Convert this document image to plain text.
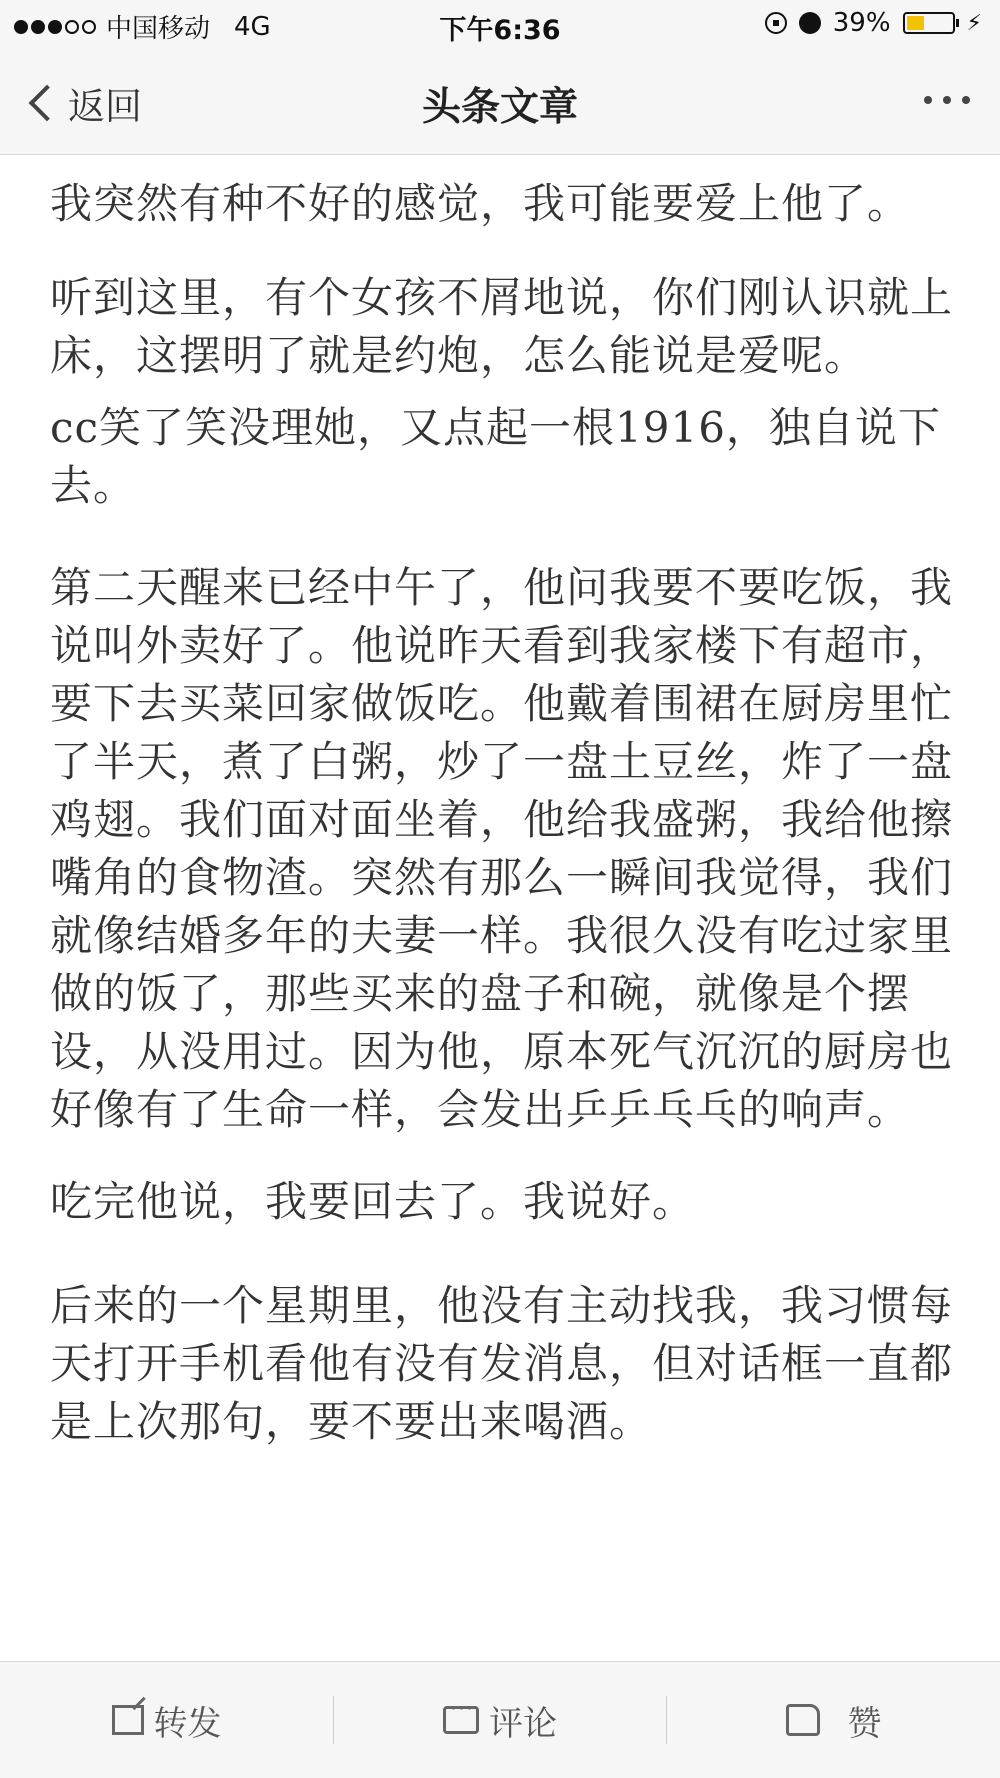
中国移动 4G	下午6:36	39%	⚡
返回	头条文章

我突然有种不好的感觉，我可能要爱上他了。

听到这里，有个女孩不屑地说，你们刚认识就上床，这摆明了就是约炮，怎么能说是爱呢。

cc笑了笑没理她，又点起一根1916，独自说下去。

第二天醒来已经中午了，他问我要不要吃饭，我说叫外卖好了。他说昨天看到我家楼下有超市，要下去买菜回家做饭吃。他戴着围裙在厨房里忙了半天，煮了白粥，炒了一盘土豆丝，炸了一盘鸡翅。我们面对面坐着，他给我盛粥，我给他擦嘴角的食物渣。突然有那么一瞬间我觉得，我们就像结婚多年的夫妻一样。我很久没有吃过家里做的饭了，那些买来的盘子和碗，就像是个摆设，从没用过。因为他，原本死气沉沉的厨房也好像有了生命一样，会发出乒乒乓乓的响声。

吃完他说，我要回去了。我说好。

后来的一个星期里，他没有主动找我，我习惯每天打开手机看他有没有发消息，但对话框一直都是上次那句，要不要出来喝酒。

转发
···	评论	赞
